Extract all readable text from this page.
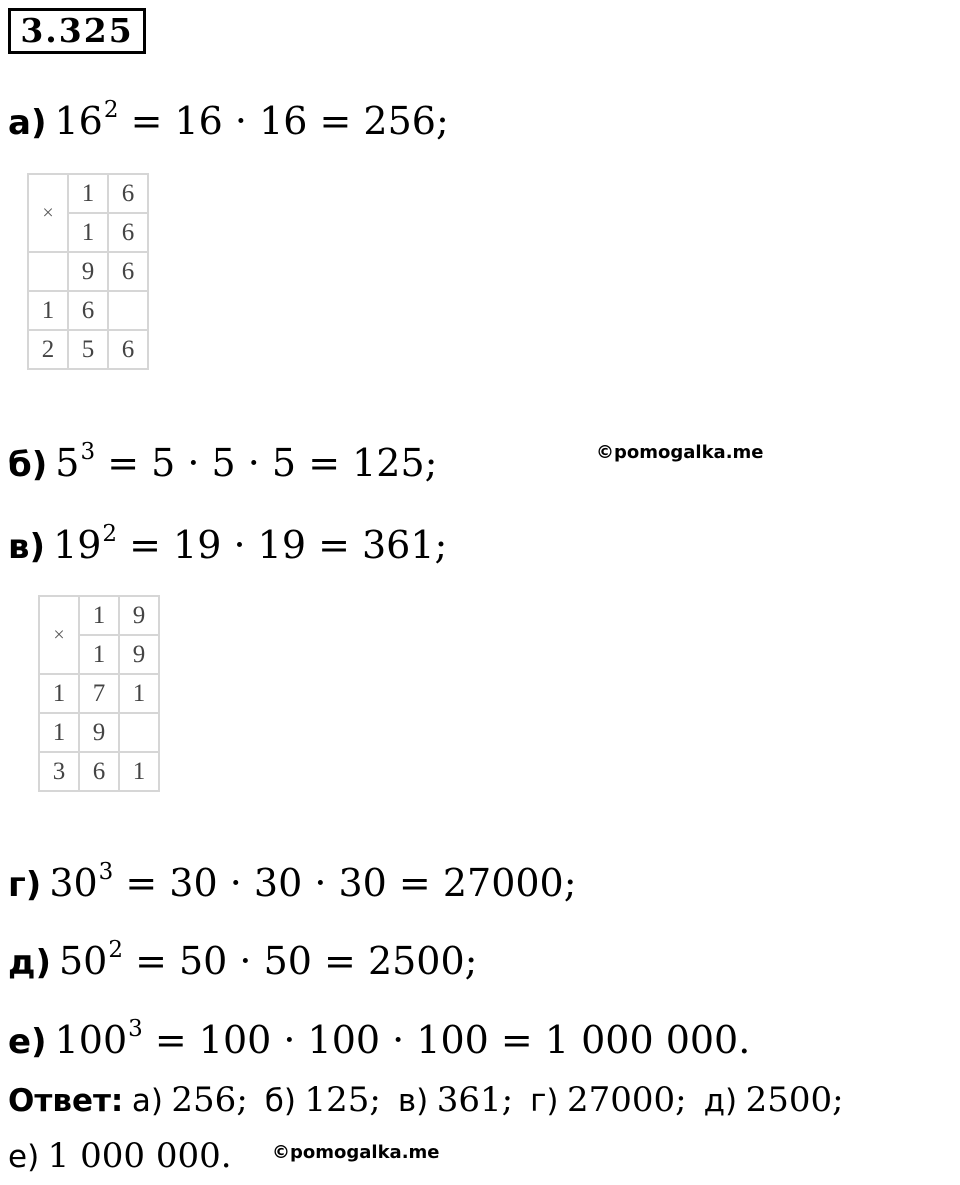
3.325
а) $16^2 = 16 \cdot 16 = 256$;
×	1	6
	1	6
	9	6
1	6	
2	5	6
б) $5^3 = 5 \cdot 5 \cdot 5 = 125$;	©pomogalka.me
в) $19^2 = 19 \cdot 19 = 361$;
×	1	9
	1	9
1	7	1
1	9	
3	6	1
г) $30^3 = 30 \cdot 30 \cdot 30 = 27000$;
д) $50^2 = 50 \cdot 50 = 2500$;
е) $100^3 = 100 \cdot 100 \cdot 100 = 1$ 000 000.
Ответ: а) 256; б) 125; в) 361; г) 27000; д) 2500;
е) 1 000 000. ©pomogalka.me
